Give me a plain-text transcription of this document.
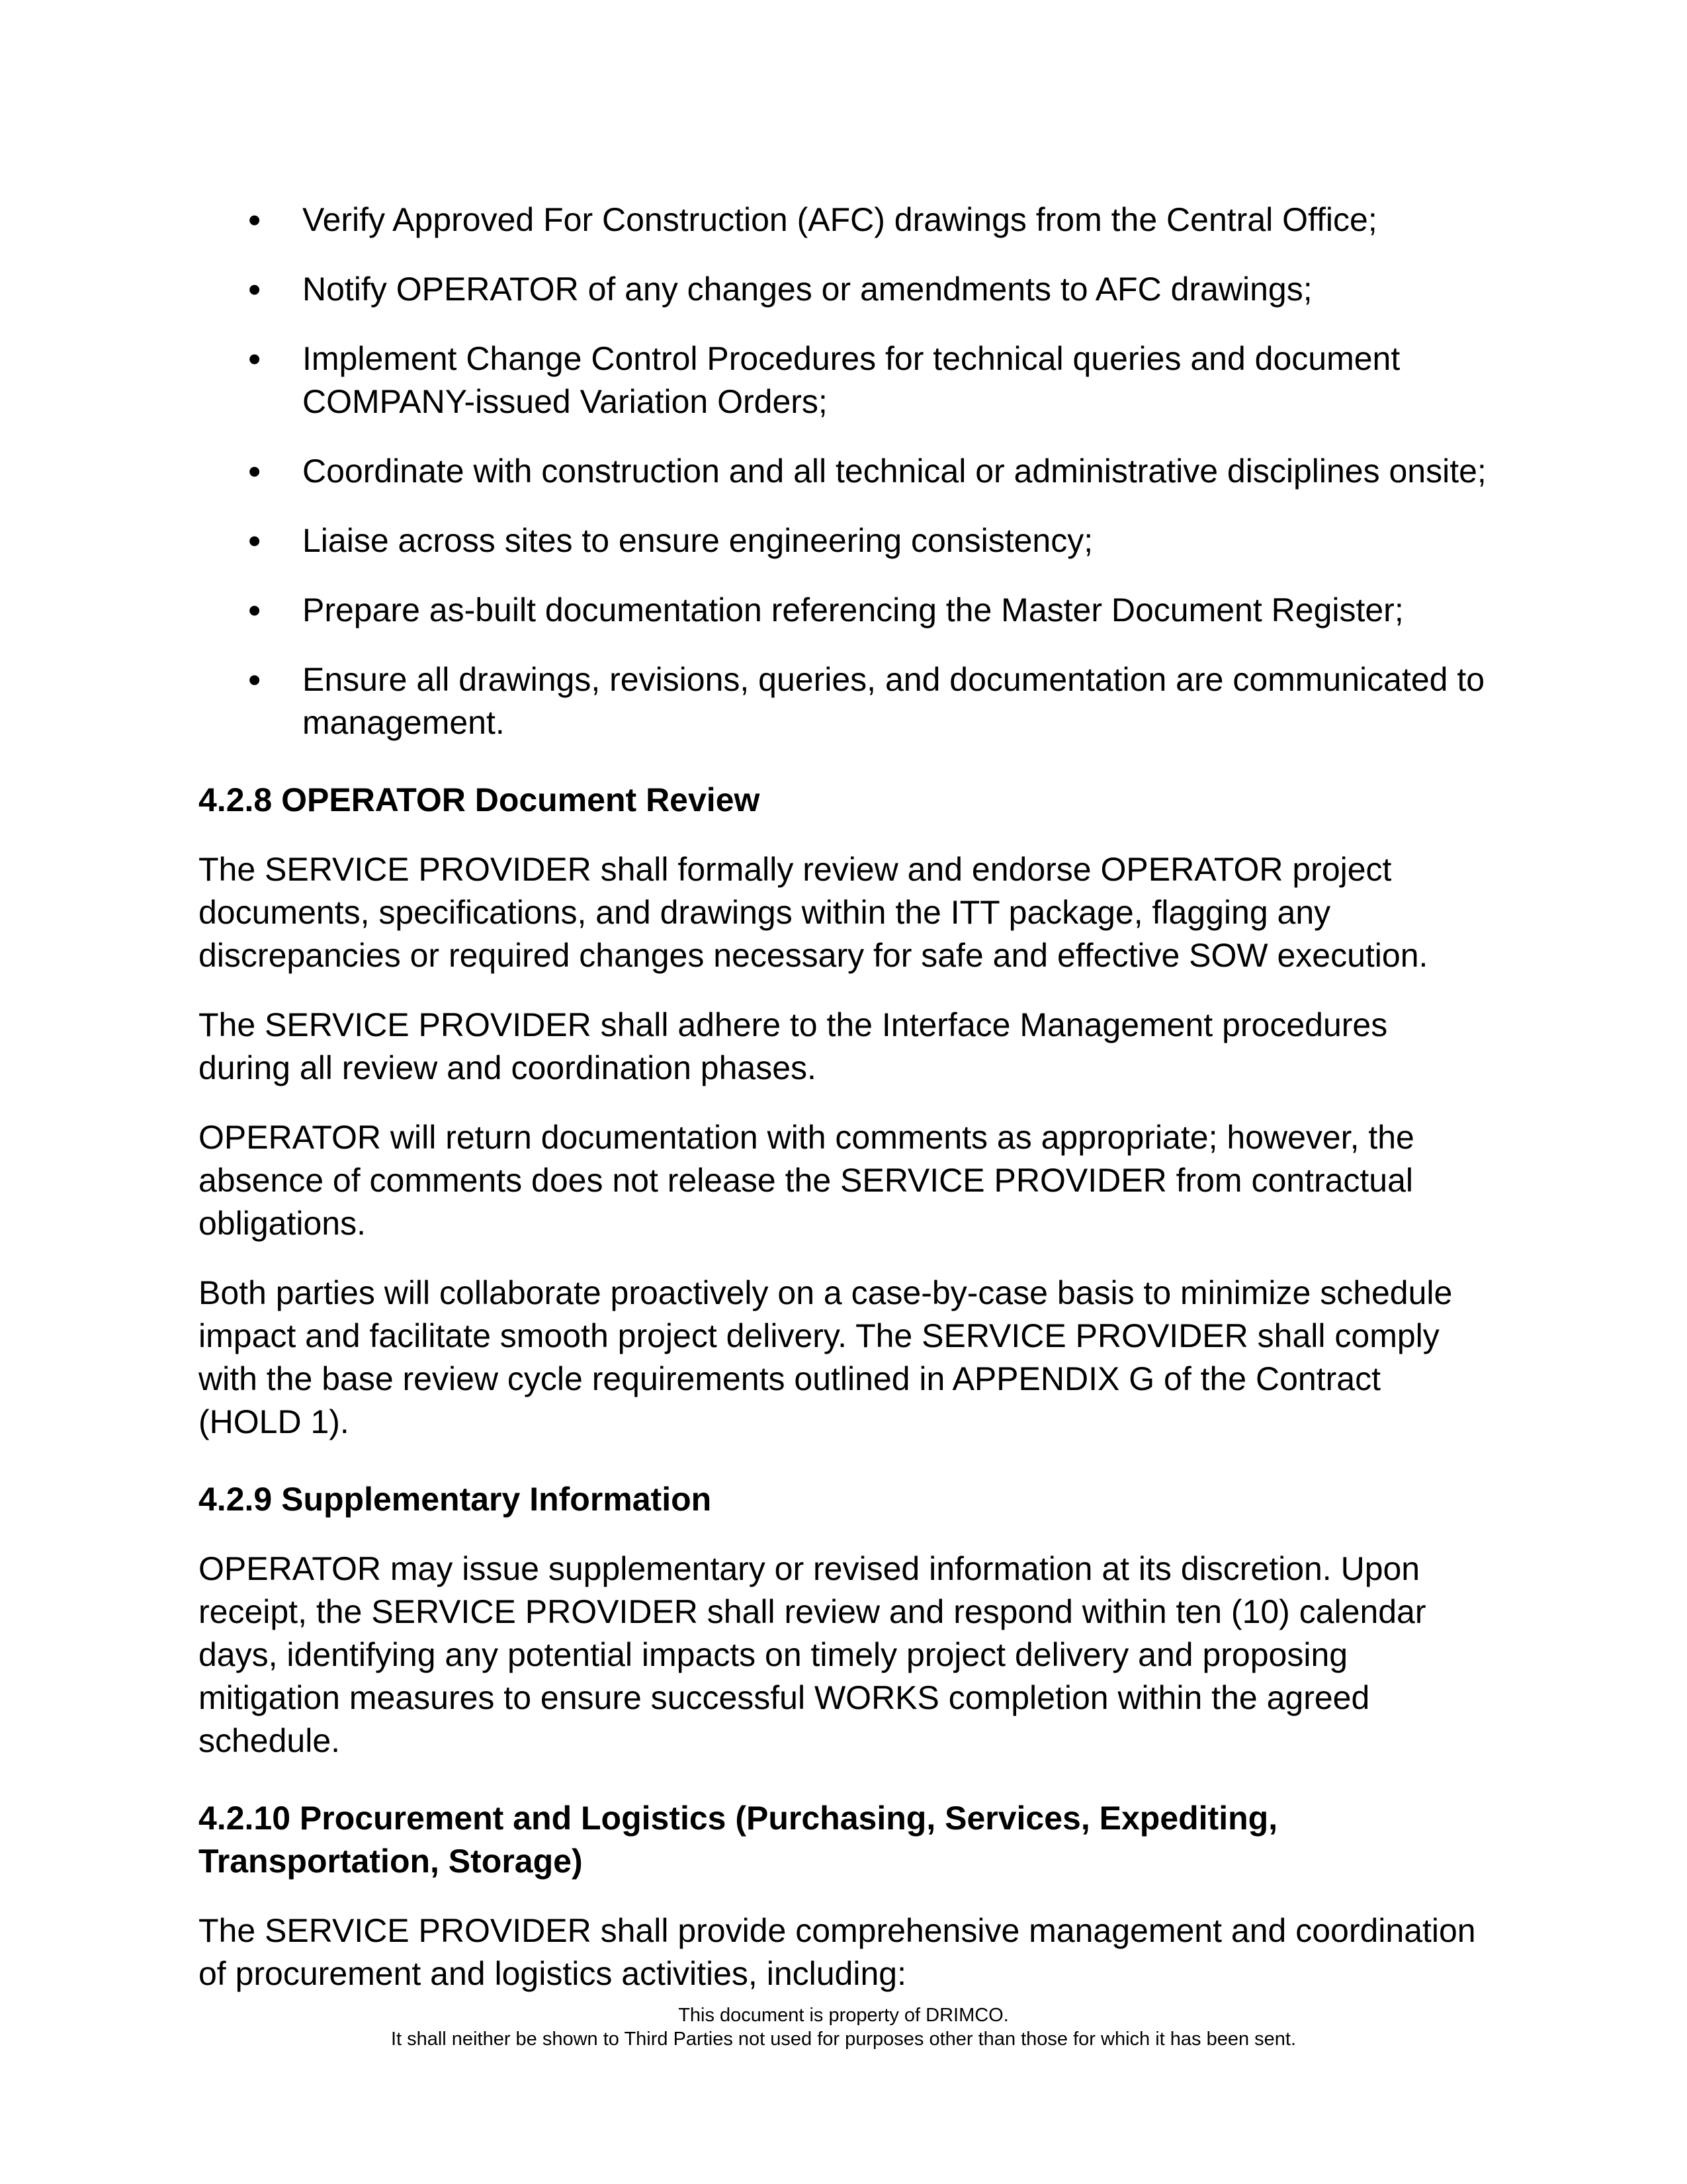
• Verify Approved For Construction (AFC) drawings from the Central Office;
• Notify OPERATOR of any changes or amendments to AFC drawings;
• Implement Change Control Procedures for technical queries and document COMPANY-issued Variation Orders;
• Coordinate with construction and all technical or administrative disciplines onsite;
• Liaise across sites to ensure engineering consistency;
• Prepare as-built documentation referencing the Master Document Register;
• Ensure all drawings, revisions, queries, and documentation are communicated to management.
4.2.8 OPERATOR Document Review

The SERVICE PROVIDER shall formally review and endorse OPERATOR project documents, specifications, and drawings within the ITT package, flagging any discrepancies or required changes necessary for safe and effective SOW execution.

The SERVICE PROVIDER shall adhere to the Interface Management procedures during all review and coordination phases.

OPERATOR will return documentation with comments as appropriate; however, the absence of comments does not release the SERVICE PROVIDER from contractual obligations.

Both parties will collaborate proactively on a case-by-case basis to minimize schedule impact and facilitate smooth project delivery. The SERVICE PROVIDER shall comply with the base review cycle requirements outlined in APPENDIX G of the Contract (HOLD 1).

4.2.9 Supplementary Information

OPERATOR may issue supplementary or revised information at its discretion. Upon receipt, the SERVICE PROVIDER shall review and respond within ten (10) calendar days, identifying any potential impacts on timely project delivery and proposing mitigation measures to ensure successful WORKS completion within the agreed schedule.

4.2.10 Procurement and Logistics (Purchasing, Services, Expediting, Transportation, Storage)

The SERVICE PROVIDER shall provide comprehensive management and coordination of procurement and logistics activities, including:

This document is property of DRIMCO.
It shall neither be shown to Third Parties not used for purposes other than those for which it has been sent.
